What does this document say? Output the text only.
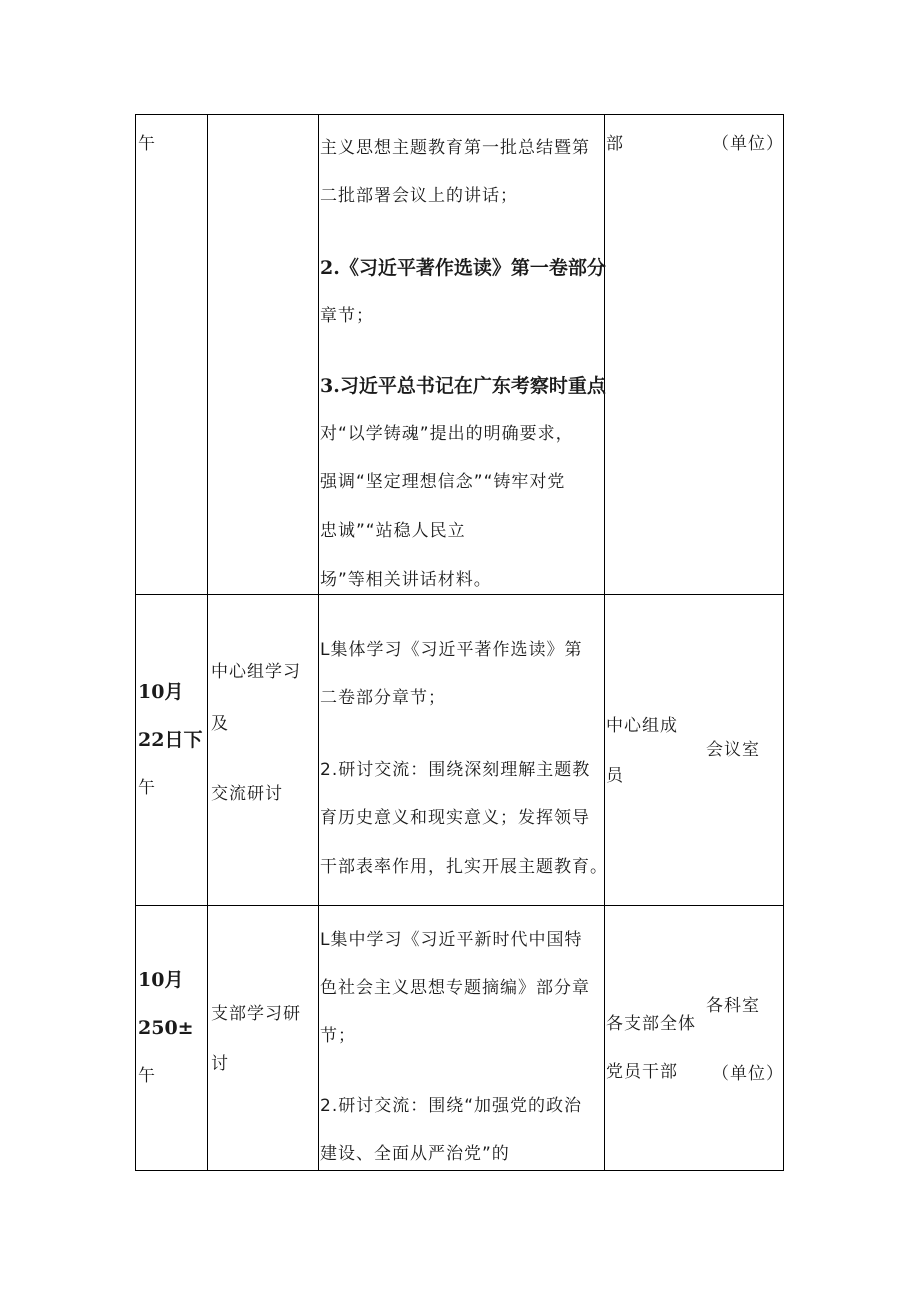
午	主义思想主题教育第一批总结暨第
二批部署会议上的讲话；
2.《习近平著作选读》第一卷部分
章节；
3.习近平总书记在广东考察时重点
对“以学铸魂”提出的明确要求，
强调“坚定理想信念”“铸牢对党
忠诚”“站稳人民立
场”等相关讲话材料。
部	（单位）
10月
22日下
午
中心组学习
及
交流研讨
L集体学习《习近平著作选读》第
二卷部分章节；
2.研讨交流：围绕深刻理解主题教
育历史意义和现实意义；发挥领导
干部表率作用，扎实开展主题教育。
中心组成
员
会议室
10月
250±
午
支部学习研
讨
L集中学习《习近平新时代中国特
色社会主义思想专题摘编》部分章
节；
2.研讨交流：围绕“加强党的政治
建设、全面从严治党”的
各支部全体
党员干部
各科室
（单位）
